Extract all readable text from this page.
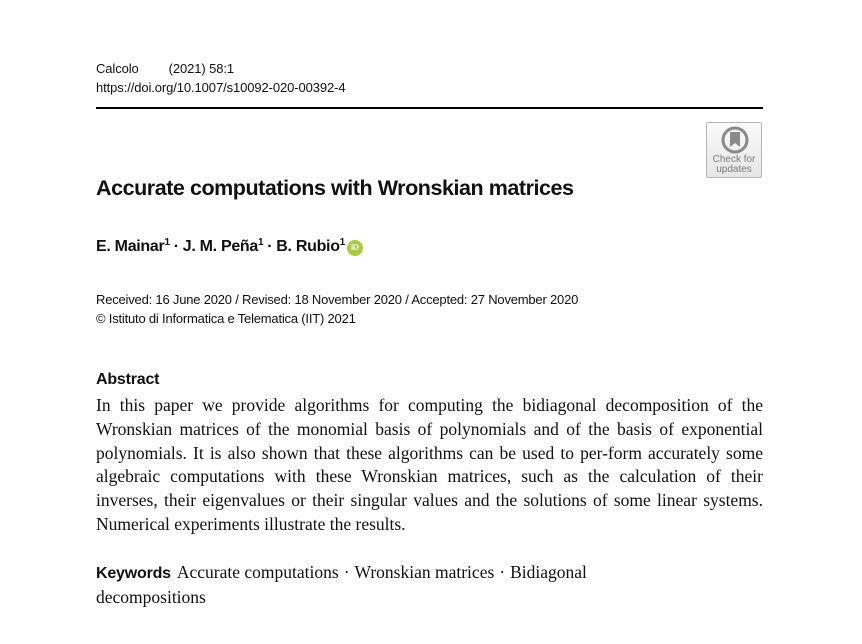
Calcolo (2021) 58:1
https://doi.org/10.1007/s10092-020-00392-4
Check for
updates
Accurate computations with Wronskian matrices
E. Mainar$^1$ · J. M. Peña$^1$ · B. Rubio$^1$ iD
Received: 16 June 2020 / Revised: 18 November 2020 / Accepted: 27 November 2020
© Istituto di Informatica e Telematica (IIT) 2021
Abstract

In this paper we provide algorithms for computing the bidiagonal decomposition of the Wronskian matrices of the monomial basis of polynomials and of the basis of exponential polynomials. It is also shown that these algorithms can be used to per-form accurately some algebraic computations with these Wronskian matrices, such as the calculation of their inverses, their eigenvalues or their singular values and the solutions of some linear systems. Numerical experiments illustrate the results.

Keywords Accurate computations · Wronskian matrices · Bidiagonal decompositions
